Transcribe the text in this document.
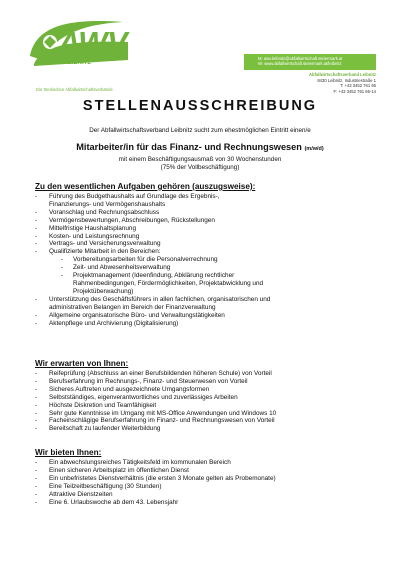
AWV
LEIBNITZ
Die Steirischen Abfallwirtschaftsverbände
M: awv.leibnitz@abfallwirtschaft.steiermark.at
W: www.abfallwirtschaft.steiermark.at/leibnitz
Abfallwirtschaftsverband Leibnitz
8430 Leibnitz, Industriestraße 1
T: +43 3452 761 66
F: +43 3452 761 66-14
STELLENAUSSCHREIBUNG
Der Abfallwirtschaftsverband Leibnitz sucht zum ehestmöglichen Eintritt einen/e
Mitarbeiter/in für das Finanz- und Rechnungswesen (m/w/d)
mit einem Beschäftigungsausmaß von 30 Wochenstunden
(75% der Vollbeschäftigung)

Zu den wesentlichen Aufgaben gehören (auszugsweise):

- Führung des Budgethaushalts auf Grundlage des Ergebnis-,
Finanzierungs- und Vermögenshaushalts
- Voranschlag und Rechnungsabschluss
- Vermögensbewertungen, Abschreibungen, Rückstellungen
- Mittelfristige Haushaltsplanung
- Kosten- und Leistungsrechnung
- Vertrags- und Versicherungsverwaltung
- Qualifizierte Mitarbeit in den Bereichen:
- Vorbereitungsarbeiten für die Personalverrechnung
- Zeit- und Abwesenheitsverwaltung
- Projektmanagement (Ideenfindung, Abklärung rechtlicher
Rahmenbedingungen, Fördermöglichkeiten, Projektabwicklung und
Projektüberwachung)
- Unterstützung des Geschäftsführers in allen fachlichen, organisatorischen und
administrativen Belangen im Bereich der Finanzverwaltung
- Allgemeine organisatorische Büro- und Verwaltungstätigkeiten
- Aktenpflege und Archivierung (Digitalisierung)

Wir erwarten von Ihnen:

- Reifeprüfung (Abschluss an einer Berufsbildenden höheren Schule) von Vorteil
- Berufserfahrung im Rechnungs-, Finanz- und Steuerwesen von Vorteil
- Sicheres Auftreten und ausgezeichnete Umgangsformen
- Selbstständiges, eigenverantwortliches und zuverlässiges Arbeiten
- Höchste Diskretion und Teamfähigkeit
- Sehr gute Kenntnisse im Umgang mit MS-Office Anwendungen und Windows 10
- Facheinschlägige Berufserfahrung im Finanz- und Rechnungswesen von Vorteil
- Bereitschaft zu laufender Weiterbildung

Wir bieten Ihnen:

- Ein abwechslungsreiches Tätigkeitsfeld im kommunalen Bereich
- Einen sicheren Arbeitsplatz im öffentlichen Dienst
- Ein unbefristetes Dienstverhältnis (die ersten 3 Monate gelten als Probemonate)
- Eine Teilzeitbeschäftigung (30 Stunden)
- Attraktive Dienstzeiten
- Eine 6. Urlaubswoche ab dem 43. Lebensjahr
